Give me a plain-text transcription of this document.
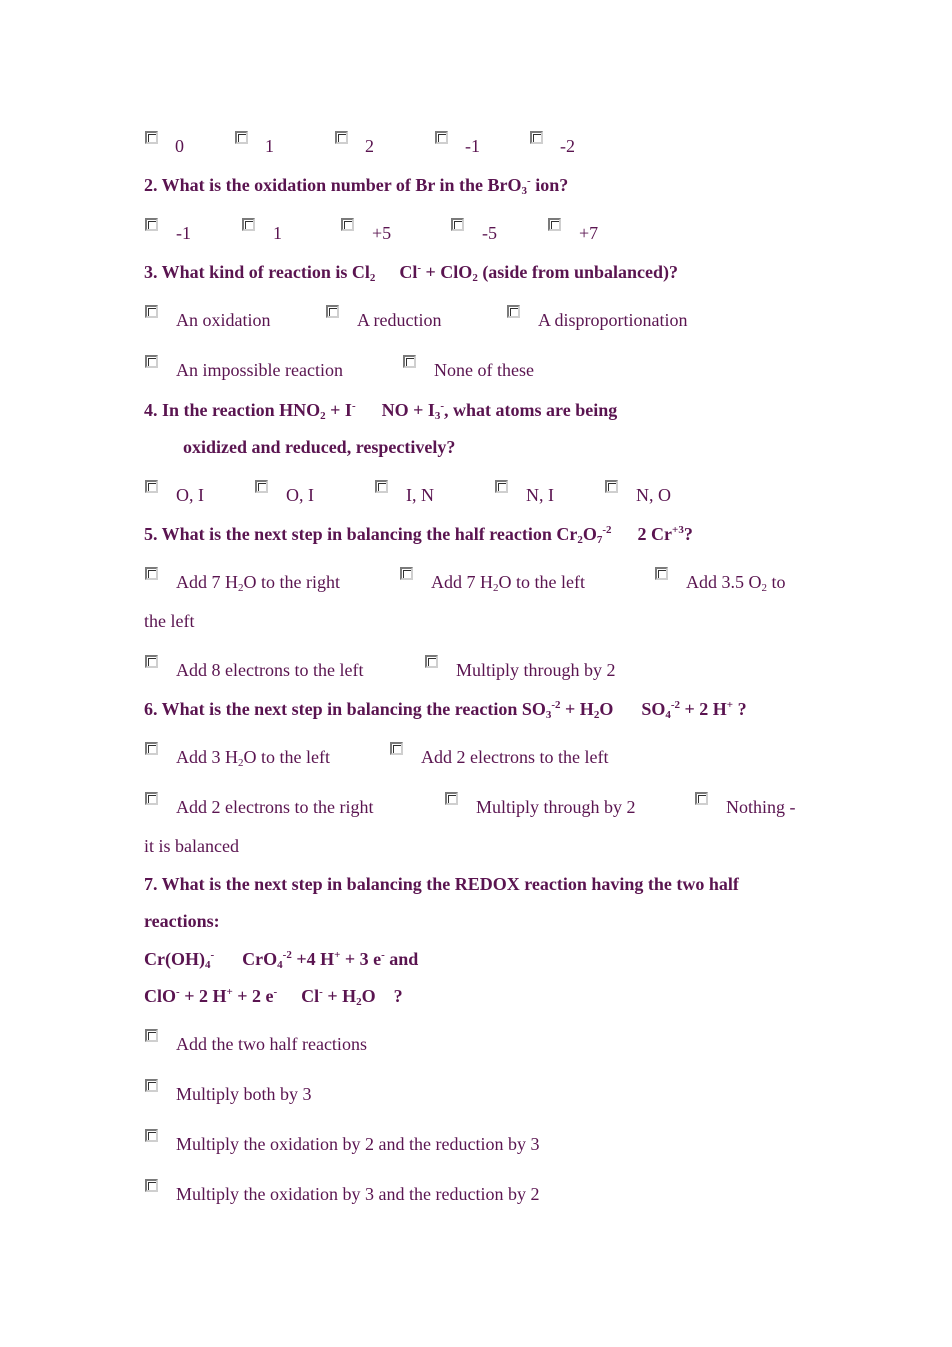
0	1	2	-1	-2
2. What is the oxidation number of Br in the BrO$_3$- ion?
-1	1	+5	-5	+7
3. What kind of reaction is $Cl_2$ Cl- + ClO$_2$ (aside from unbalanced)?
An oxidation	A reduction	A disproportionation
An impossible reaction	None of these
4. In the reaction $HNO_2 + I^-$ NO + $I_3^-$, what atoms are being
oxidized and reduced, respectively?
O, I	O, I	I, N	N, I	N, O
5. What is the next step in balancing the half reaction $Cr_2O_7^{-2}$ 2 $Cr^{+3}$?
Add 7 $H_2O$ to the right	Add 7 $H_2O$ to the left	Add 3.5 $O_2$ to
the left
Add 8 electrons to the left	Multiply through by 2
6. What is the next step in balancing the reaction $SO_3^{-2} + H_2O$ $SO_4^{-2} + 2$ H+ ?
Add 3 $H_2O$ to the left	Add 2 electrons to the left
Add 2 electrons to the right	Multiply through by 2	Nothing -
it is balanced
7. What is the next step in balancing the REDOX reaction having the two half
reactions:
$Cr(OH)_4^-$ CrO$_4^{-2}$ +4 H+ + 3 e- and
ClO- + 2 H+ + 2 e- $Cl^- + H_2O$ ?
Add the two half reactions
Multiply both by 3
Multiply the oxidation by 2 and the reduction by 3
Multiply the oxidation by 3 and the reduction by 2
